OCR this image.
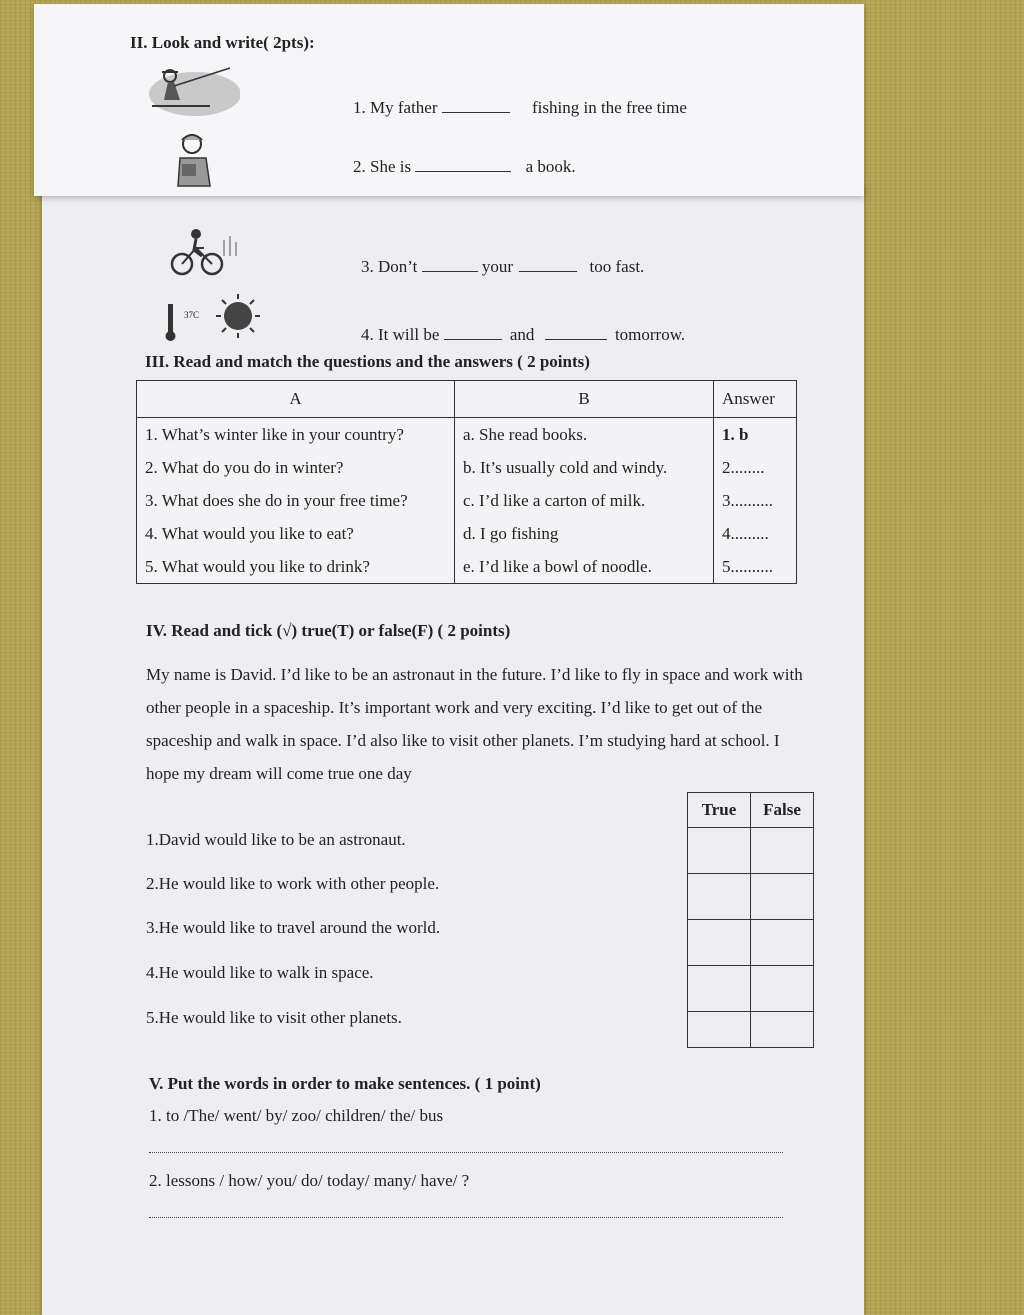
II. Look and write( 2pts):
1. My father	fishing in the free time
2. She is	a book.
3. Don’t	your	too fast.
37C
4. It will be	and	tomorrow.
III. Read and match the questions and the answers ( 2 points)
A	B	Answer
1. What’s winter like in your country?	a. She read books.	1. b
2. What do you do in winter?	b. It’s usually cold and windy.	2........
3. What does she do in your free time?	c. I’d like a carton of milk.	3..........
4. What would you like to eat?	d. I go fishing	4.........
5. What would you like to drink?	e. I’d like a bowl of noodle.	5..........
IV. Read and tick (√) true(T) or false(F) ( 2 points)
My name is David. I’d like to be an astronaut in the future. I’d like to fly in space and work with other people in a spaceship. It’s important work and very exciting. I’d like to get out of the spaceship and walk in space. I’d also like to visit other planets. I’m studying hard at school. I hope my dream will come true one day
True	False

1.David would like to be an astronaut.
2.He would like to work with other people.
3.He would like to travel around the world.
4.He would like to walk in space.
5.He would like to visit other planets.
V. Put the words in order to make sentences. ( 1 point)
1. to /The/ went/ by/ zoo/ children/ the/ bus
2. lessons / how/ you/ do/ today/ many/ have/ ?
